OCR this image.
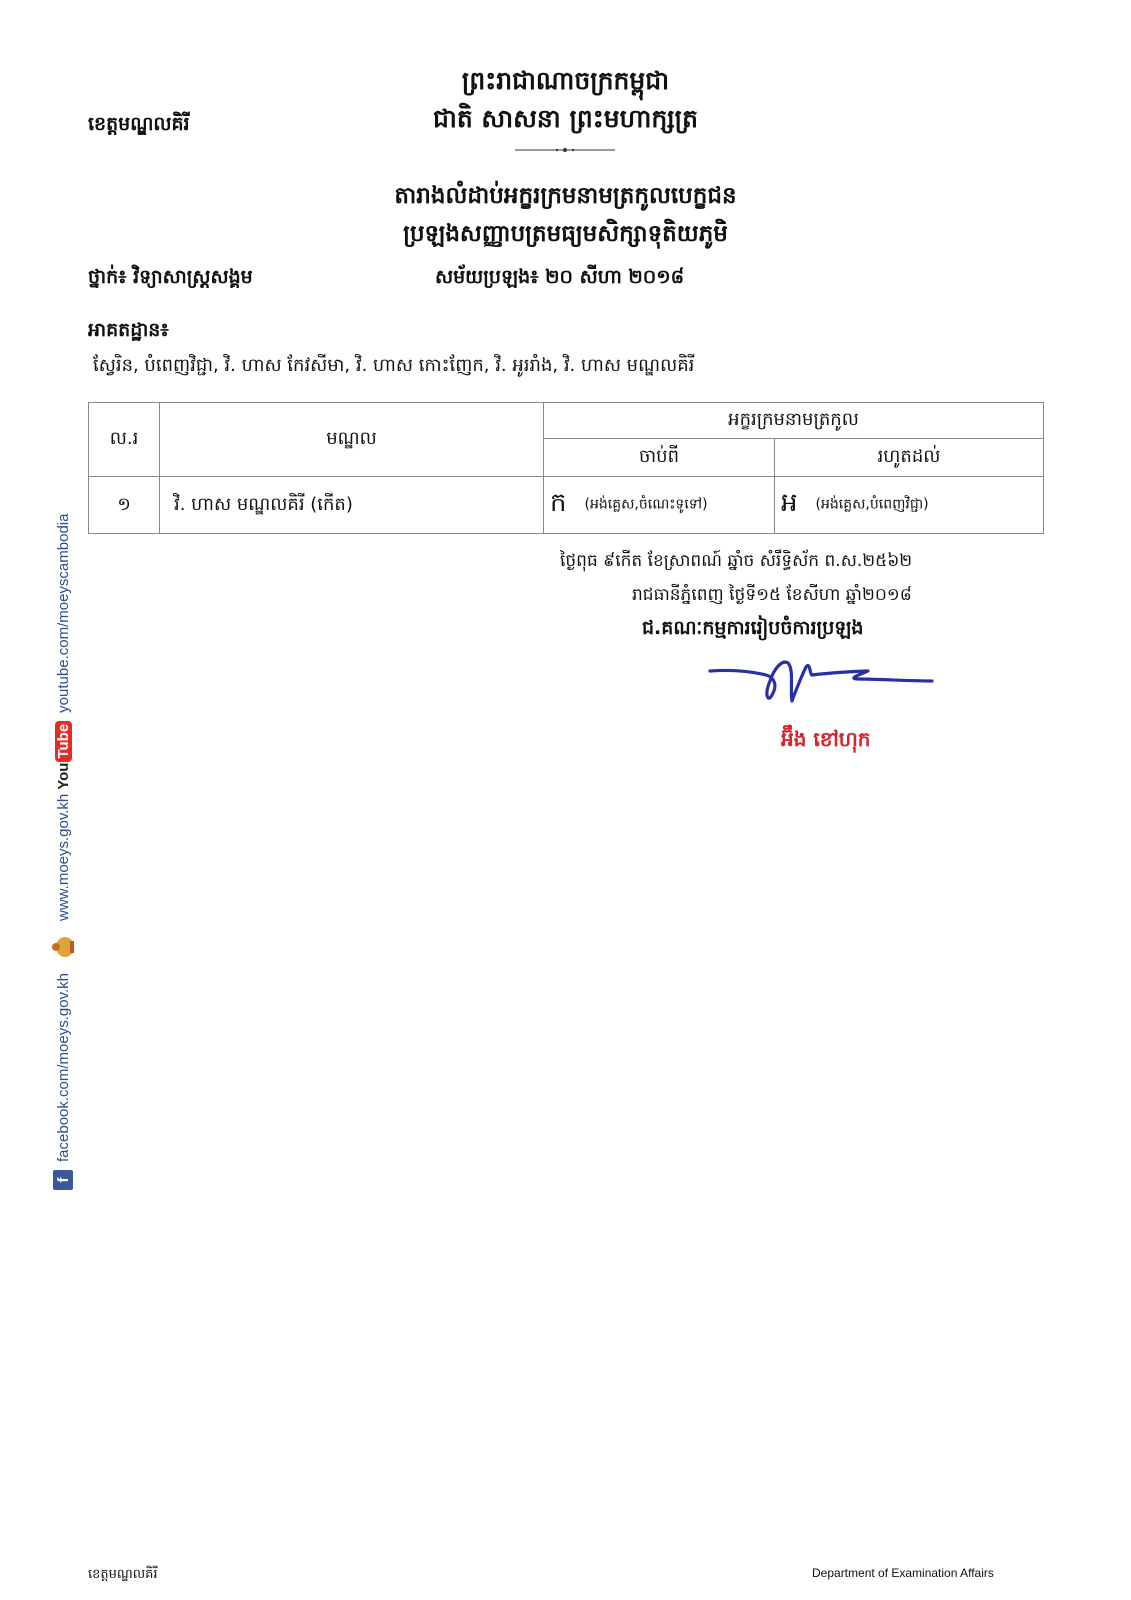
ព្រះរាជាណាចក្រកម្ពុជា
ជាតិ សាសនា ព្រះមហាក្សត្រ
ខេត្តមណ្ឌលគិរី
តារាងលំដាប់អក្ខរក្រមនាមត្រកូលបេក្ខជន
ប្រឡងសញ្ញាបត្រមធ្យមសិក្សាទុតិយភូមិ
ថ្នាក់៖ វិទ្យាសាស្ត្រសង្គម	សម័យប្រឡង៖ ២០ សីហា ២០១៨
អាគតដ្ឋាន៖
ស្វែរិន, បំពេញវិជ្ជា, វិ. ហាស កែវសីមា, វិ. ហាស កោះញែក, វិ. អូររាំង, វិ. ហាស មណ្ឌលគិរី
ល.រ	មណ្ឌល	អក្ខរក្រមនាមត្រកូល	
		ចាប់ពី	រហូតដល់
១	វិ. ហាស មណ្ឌលគិរី (កើត)	ក (អង់គ្លេស,ចំណេះទូទៅ)	អ (អង់គ្លេស,បំពេញវិជ្ជា)
ថ្ងៃពុធ ៩កើត ខែស្រាពណ៍ ឆ្នាំច សំរឹទ្ធិស័ក ព.ស.២៥៦២
រាជធានីភ្នំពេញ ថ្ងៃទី១៥ ខែសីហា ឆ្នាំ២០១៨
ជ.គណៈកម្មការរៀបចំការប្រឡង
អ៊ឹង ខៅហុក
f
facebook.com/moeys.gov.kh
www.moeys.gov.kh
You
Tube
youtube.com/moeyscambodia
ខេត្តមណ្ឌលគិរី	Department of Examination Affairs
